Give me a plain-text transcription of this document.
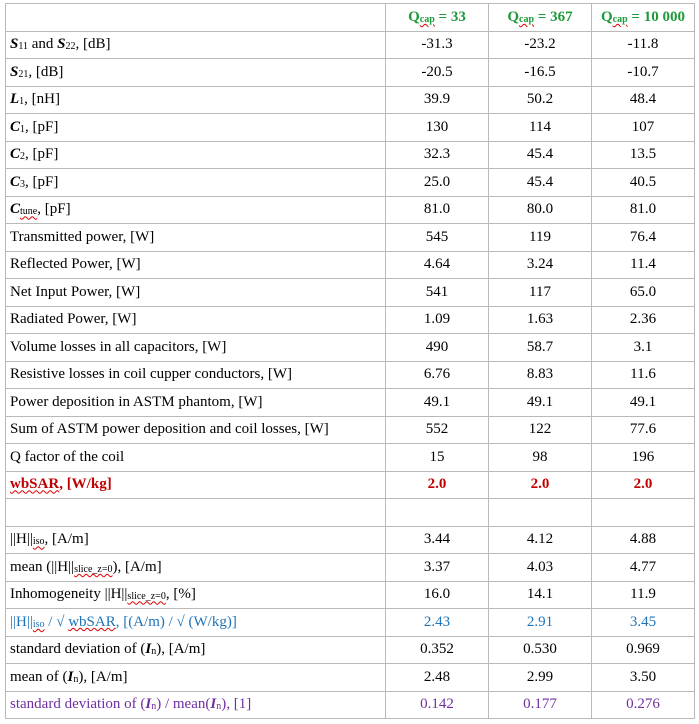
	Qcap = 33	Qcap = 367	Qcap = 10 000
S11 and S22, [dB]	-31.3	-23.2	-11.8
S21, [dB]	-20.5	-16.5	-10.7
L1, [nH]	39.9	50.2	48.4
C1, [pF]	130	114	107
C2, [pF]	32.3	45.4	13.5
C3, [pF]	25.0	45.4	40.5
Ctune, [pF]	81.0	80.0	81.0
Transmitted power, [W]	545	119	76.4
Reflected Power, [W]	4.64	3.24	11.4
Net Input Power, [W]	541	117	65.0
Radiated Power, [W]	1.09	1.63	2.36
Volume losses in all capacitors, [W]	490	58.7	3.1
Resistive losses in coil cupper conductors, [W]	6.76	8.83	11.6
Power deposition in ASTM phantom, [W]	49.1	49.1	49.1
Sum of ASTM power deposition and coil losses, [W]	552	122	77.6
Q factor of the coil	15	98	196
wbSAR, [W/kg]	2.0	2.0	2.0

||H||iso, [A/m]	3.44	4.12	4.88
mean (||H||slice_z=0), [A/m]	3.37	4.03	4.77
Inhomogeneity ||H||slice_z=0, [%]	16.0	14.1	11.9
||H||iso / √ wbSAR, [(A/m) / √ (W/kg)]	2.43	2.91	3.45
standard deviation of (In), [A/m]	0.352	0.530	0.969
mean of (In), [A/m]	2.48	2.99	3.50
standard deviation of (In) / mean(In), [1]	0.142	0.177	0.276
